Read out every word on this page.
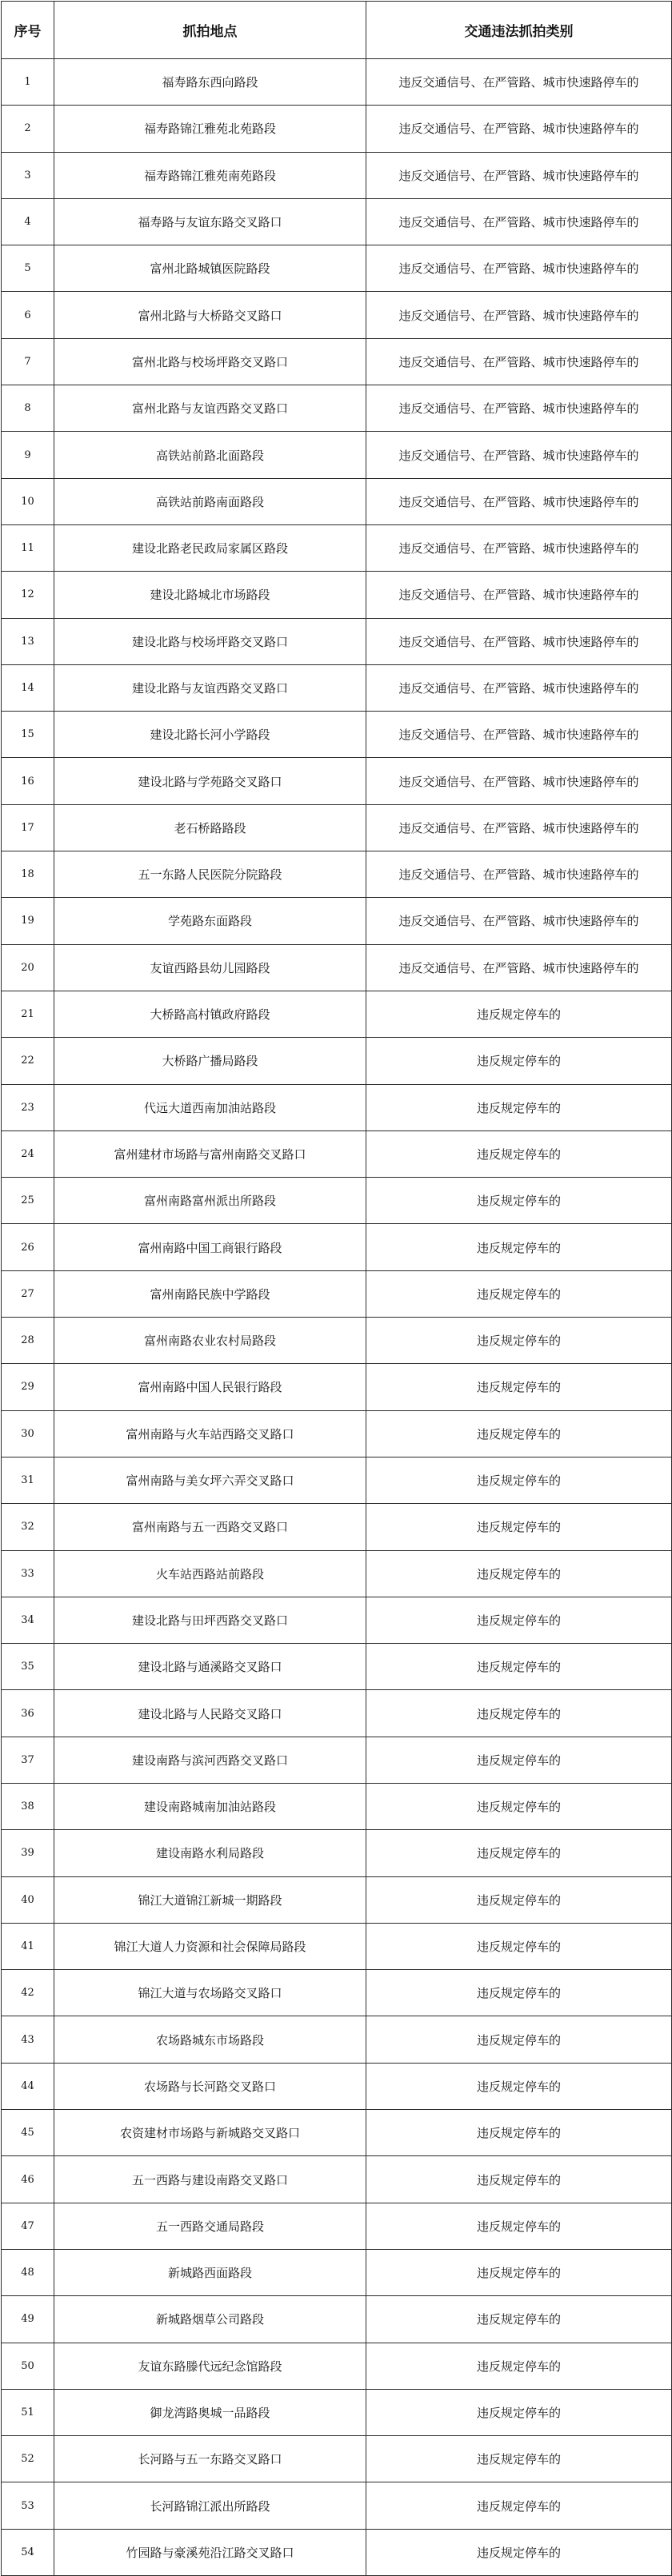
序号	抓拍地点	交通违法抓拍类别
1	福寿路东西向路段	违反交通信号、在严管路、城市快速路停车的
2	福寿路锦江雅苑北苑路段	违反交通信号、在严管路、城市快速路停车的
3	福寿路锦江雅苑南苑路段	违反交通信号、在严管路、城市快速路停车的
4	福寿路与友谊东路交叉路口	违反交通信号、在严管路、城市快速路停车的
5	富州北路城镇医院路段	违反交通信号、在严管路、城市快速路停车的
6	富州北路与大桥路交叉路口	违反交通信号、在严管路、城市快速路停车的
7	富州北路与校场坪路交叉路口	违反交通信号、在严管路、城市快速路停车的
8	富州北路与友谊西路交叉路口	违反交通信号、在严管路、城市快速路停车的
9	高铁站前路北面路段	违反交通信号、在严管路、城市快速路停车的
10	高铁站前路南面路段	违反交通信号、在严管路、城市快速路停车的
11	建设北路老民政局家属区路段	违反交通信号、在严管路、城市快速路停车的
12	建设北路城北市场路段	违反交通信号、在严管路、城市快速路停车的
13	建设北路与校场坪路交叉路口	违反交通信号、在严管路、城市快速路停车的
14	建设北路与友谊西路交叉路口	违反交通信号、在严管路、城市快速路停车的
15	建设北路长河小学路段	违反交通信号、在严管路、城市快速路停车的
16	建设北路与学苑路交叉路口	违反交通信号、在严管路、城市快速路停车的
17	老石桥路路段	违反交通信号、在严管路、城市快速路停车的
18	五一东路人民医院分院路段	违反交通信号、在严管路、城市快速路停车的
19	学苑路东面路段	违反交通信号、在严管路、城市快速路停车的
20	友谊西路县幼儿园路段	违反交通信号、在严管路、城市快速路停车的
21	大桥路高村镇政府路段	违反规定停车的
22	大桥路广播局路段	违反规定停车的
23	代远大道西南加油站路段	违反规定停车的
24	富州建材市场路与富州南路交叉路口	违反规定停车的
25	富州南路富州派出所路段	违反规定停车的
26	富州南路中国工商银行路段	违反规定停车的
27	富州南路民族中学路段	违反规定停车的
28	富州南路农业农村局路段	违反规定停车的
29	富州南路中国人民银行路段	违反规定停车的
30	富州南路与火车站西路交叉路口	违反规定停车的
31	富州南路与美女坪六弄交叉路口	违反规定停车的
32	富州南路与五一西路交叉路口	违反规定停车的
33	火车站西路站前路段	违反规定停车的
34	建设北路与田坪西路交叉路口	违反规定停车的
35	建设北路与通溪路交叉路口	违反规定停车的
36	建设北路与人民路交叉路口	违反规定停车的
37	建设南路与滨河西路交叉路口	违反规定停车的
38	建设南路城南加油站路段	违反规定停车的
39	建设南路水利局路段	违反规定停车的
40	锦江大道锦江新城一期路段	违反规定停车的
41	锦江大道人力资源和社会保障局路段	违反规定停车的
42	锦江大道与农场路交叉路口	违反规定停车的
43	农场路城东市场路段	违反规定停车的
44	农场路与长河路交叉路口	违反规定停车的
45	农资建材市场路与新城路交叉路口	违反规定停车的
46	五一西路与建设南路交叉路口	违反规定停车的
47	五一西路交通局路段	违反规定停车的
48	新城路西面路段	违反规定停车的
49	新城路烟草公司路段	违反规定停车的
50	友谊东路滕代远纪念馆路段	违反规定停车的
51	御龙湾路奥城一品路段	违反规定停车的
52	长河路与五一东路交叉路口	违反规定停车的
53	长河路锦江派出所路段	违反规定停车的
54	竹园路与豪溪苑沿江路交叉路口	违反规定停车的
